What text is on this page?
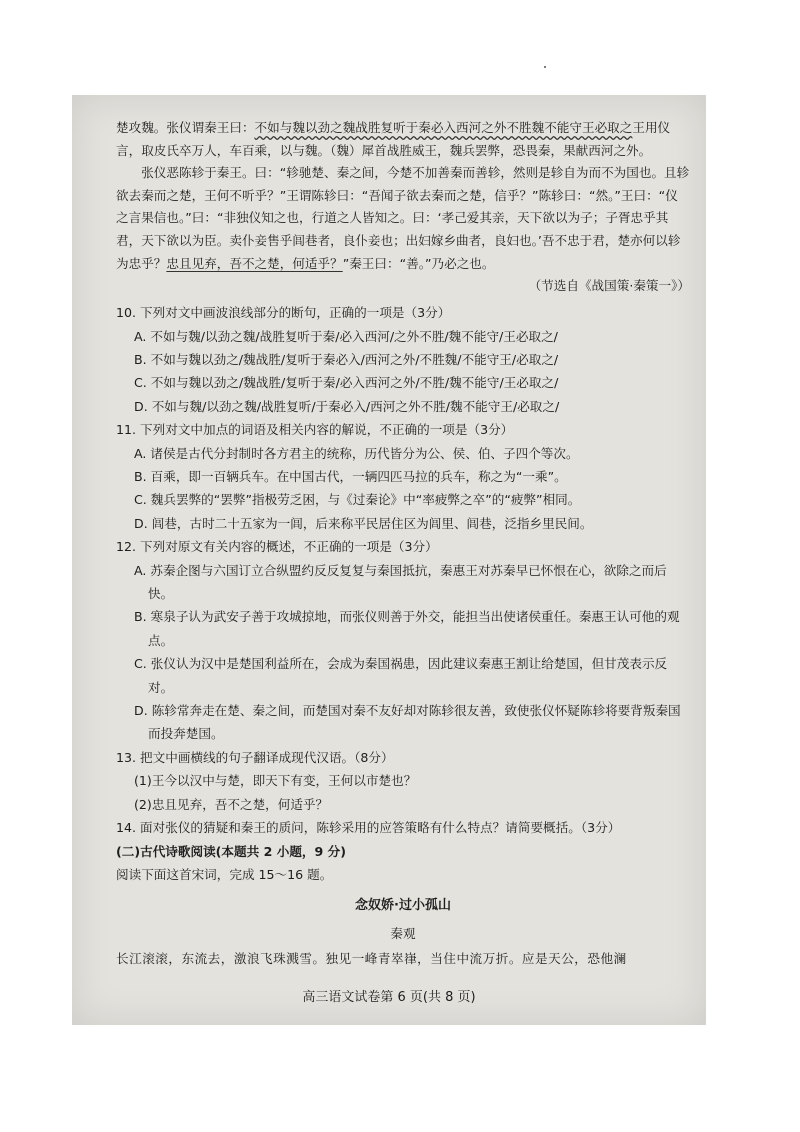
楚攻魏。张仪谓秦王曰：不如与魏以劲之魏战胜复听于秦必入西河之外不胜魏不能守王必取之王用仪言，取皮氏卒万人，车百乘，以与魏。（魏）犀首战胜威王，魏兵罢弊，恐畏秦，果献西河之外。

张仪恶陈轸于秦王。曰：“轸驰楚、秦之间，今楚不加善秦而善轸，然则是轸自为而不为国也。且轸欲去秦而之楚，王何不听乎？”王谓陈轸曰：“吾闻子欲去秦而之楚，信乎？”陈轸曰：“然。”王曰：“仪之言果信也。”曰：“非独仪知之也，行道之人皆知之。曰：‘孝己爱其亲，天下欲以为子；子胥忠乎其君，天下欲以为臣。卖仆妾售乎闾巷者，良仆妾也；出妇嫁乡曲者，良妇也。’吾不忠于君，楚亦何以轸为忠乎？忠且见弃，吾不之楚，何适乎？”秦王曰：“善。”乃必之也。

（节选自《战国策·秦策一》）

10. 下列对文中画波浪线部分的断句，正确的一项是（3分）

A. 不如与魏/以劲之魏/战胜复听于秦/必入西河/之外不胜/魏不能守/王必取之/

B. 不如与魏以劲之/魏战胜/复听于秦必入/西河之外/不胜魏/不能守王/必取之/

C. 不如与魏以劲之/魏战胜/复听于秦/必入西河之外/不胜/魏不能守/王必取之/

D. 不如与魏/以劲之魏/战胜复听/于秦必入/西河之外不胜/魏不能守王/必取之/

11. 下列对文中加点的词语及相关内容的解说，不正确的一项是（3分）

A. 诸侯是古代分封制时各方君主的统称，历代皆分为公、侯、伯、子四个等次。

B. 百乘，即一百辆兵车。在中国古代，一辆四匹马拉的兵车，称之为“一乘”。

C. 魏兵罢弊的“罢弊”指极劳乏困，与《过秦论》中“率疲弊之卒”的“疲弊”相同。

D. 闾巷，古时二十五家为一闾，后来称平民居住区为闾里、闾巷，泛指乡里民间。

12. 下列对原文有关内容的概述，不正确的一项是（3分）

A. 苏秦企图与六国订立合纵盟约反反复复与秦国抵抗，秦惠王对苏秦早已怀恨在心，欲除之而后快。

B. 寒泉子认为武安子善于攻城掠地，而张仪则善于外交，能担当出使诸侯重任。秦惠王认可他的观点。

C. 张仪认为汉中是楚国利益所在，会成为秦国祸患，因此建议秦惠王割让给楚国，但甘茂表示反对。

D. 陈轸常奔走在楚、秦之间，而楚国对秦不友好却对陈轸很友善，致使张仪怀疑陈轸将要背叛秦国而投奔楚国。

13. 把文中画横线的句子翻译成现代汉语。（8分）

(1)王今以汉中与楚，即天下有变，王何以市楚也？

(2)忠且见弃，吾不之楚，何适乎？

14. 面对张仪的猜疑和秦王的质问，陈轸采用的应答策略有什么特点？请简要概括。（3分）

(二)古代诗歌阅读(本题共 2 小题，9 分)

阅读下面这首宋词，完成 15～16 题。

念奴娇·过小孤山

秦观

长江滚滚，东流去，激浪飞珠溅雪。独见一峰青崒嵂，当住中流万折。应是天公，恐他澜

高三语文试卷第 6 页(共 8 页)
